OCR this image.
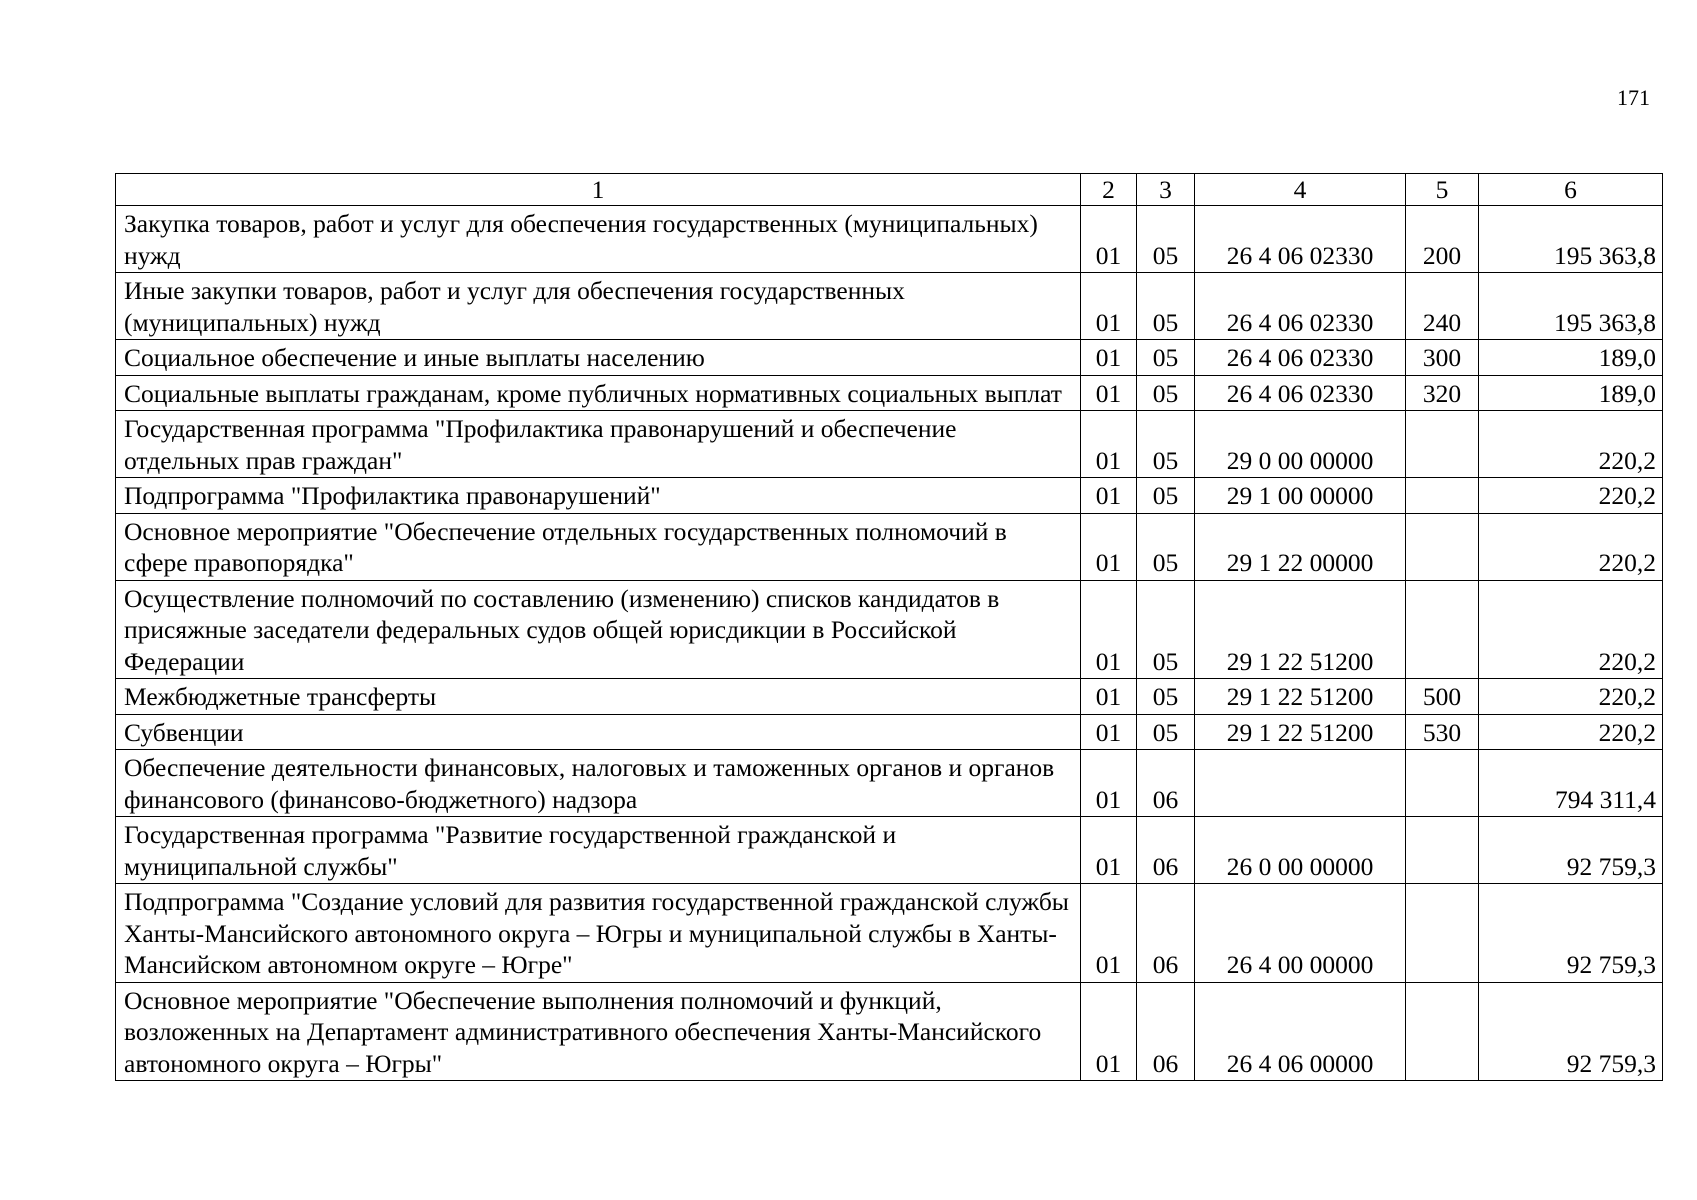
171
1	2	3	4	5	6
Закупка товаров, работ и услуг для обеспечения государственных (муниципальных) нужд	01	05	26 4 06 02330	200	195 363,8
Иные закупки товаров, работ и услуг для обеспечения государственных (муниципальных) нужд	01	05	26 4 06 02330	240	195 363,8
Социальное обеспечение и иные выплаты населению	01	05	26 4 06 02330	300	189,0
Социальные выплаты гражданам, кроме публичных нормативных социальных выплат	01	05	26 4 06 02330	320	189,0
Государственная программа "Профилактика правонарушений и обеспечение отдельных прав граждан"	01	05	29 0 00 00000		220,2
Подпрограмма "Профилактика правонарушений"	01	05	29 1 00 00000		220,2
Основное мероприятие "Обеспечение отдельных государственных полномочий в сфере правопорядка"	01	05	29 1 22 00000		220,2
Осуществление полномочий по составлению (изменению) списков кандидатов в присяжные заседатели федеральных судов общей юрисдикции в Российской Федерации	01	05	29 1 22 51200		220,2
Межбюджетные трансферты	01	05	29 1 22 51200	500	220,2
Субвенции	01	05	29 1 22 51200	530	220,2
Обеспечение деятельности финансовых, налоговых и таможенных органов и органов финансового (финансово-бюджетного) надзора	01	06			794 311,4
Государственная программа "Развитие государственной гражданской и муниципальной службы"	01	06	26 0 00 00000		92 759,3
Подпрограмма "Создание условий для развития государственной гражданской службы Ханты-Мансийского автономного округа – Югры и муниципальной службы в Ханты-Мансийском автономном округе – Югре"	01	06	26 4 00 00000		92 759,3
Основное мероприятие "Обеспечение выполнения полномочий и функций, возложенных на Департамент административного обеспечения Ханты-Мансийского автономного округа – Югры"	01	06	26 4 06 00000		92 759,3
